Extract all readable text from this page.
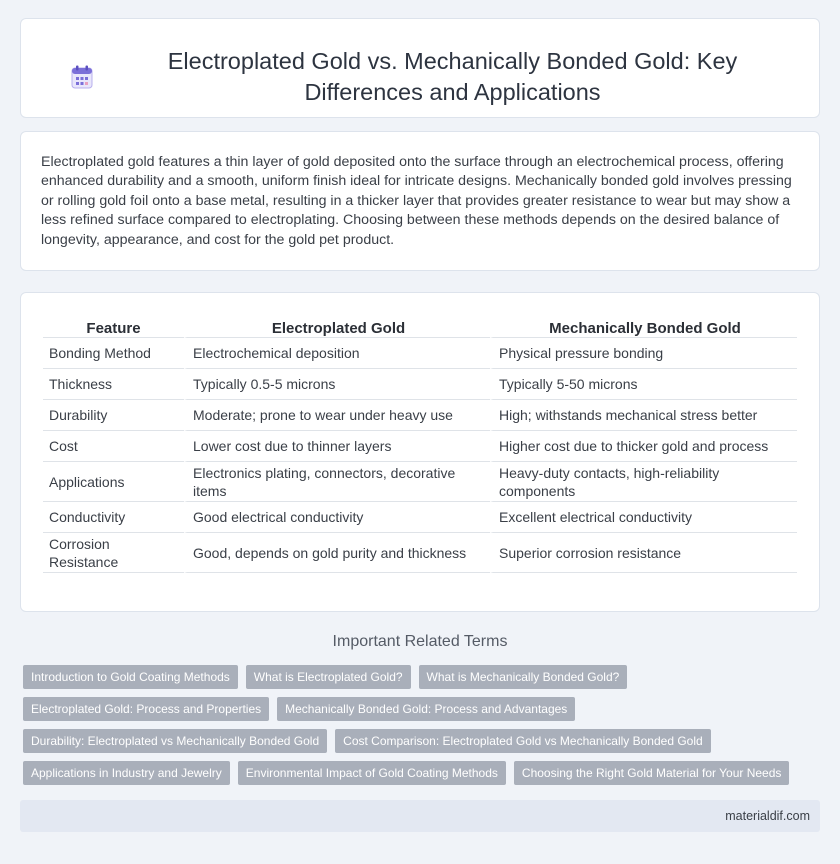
Electroplated Gold vs. Mechanically Bonded Gold: Key Differences and Applications

Electroplated gold features a thin layer of gold deposited onto the surface through an electrochemical process, offering enhanced durability and a smooth, uniform finish ideal for intricate designs. Mechanically bonded gold involves pressing or rolling gold foil onto a base metal, resulting in a thicker layer that provides greater resistance to wear but may show a less refined surface compared to electroplating. Choosing between these methods depends on the desired balance of longevity, appearance, and cost for the gold pet product.

Feature	Electroplated Gold	Mechanically Bonded Gold
Bonding Method	Electrochemical deposition	Physical pressure bonding
Thickness	Typically 0.5-5 microns	Typically 5-50 microns
Durability	Moderate; prone to wear under heavy use	High; withstands mechanical stress better
Cost	Lower cost due to thinner layers	Higher cost due to thicker gold and process
Applications	Electronics plating, connectors, decorative items	Heavy-duty contacts, high-reliability components
Conductivity	Good electrical conductivity	Excellent electrical conductivity
Corrosion Resistance	Good, depends on gold purity and thickness	Superior corrosion resistance
Important Related Terms
Introduction to Gold Coating Methods	What is Electroplated Gold?	What is Mechanically Bonded Gold?
Electroplated Gold: Process and Properties	Mechanically Bonded Gold: Process and Advantages
Durability: Electroplated vs Mechanically Bonded Gold	Cost Comparison: Electroplated Gold vs Mechanically Bonded Gold
Applications in Industry and Jewelry	Environmental Impact of Gold Coating Methods	Choosing the Right Gold Material for Your Needs
materialdif.com
